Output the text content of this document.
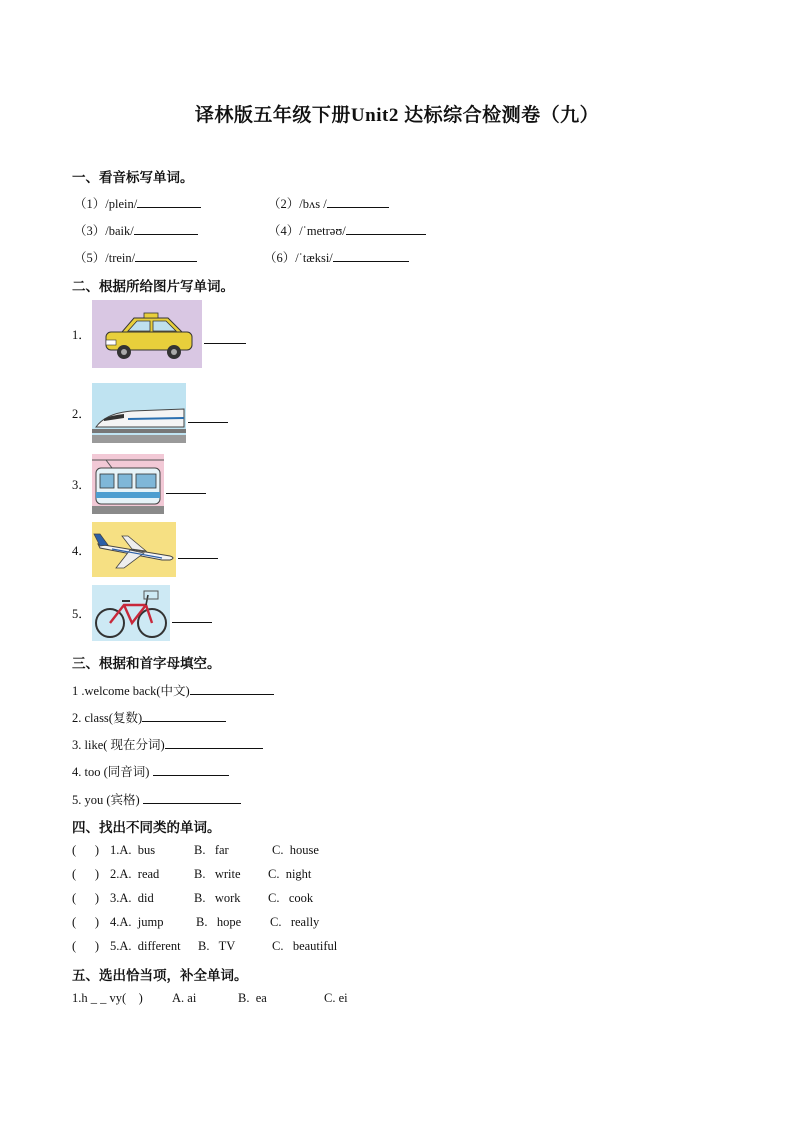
译林版五年级下册Unit2 达标综合检测卷（九）
一、看音标写单词。
（1）/plein/	（2）/bʌs /
（3）/baik/	（4）/ˈmetrəʊ/
（5）/trein/	（6）/ˈtæksi/
二、根据所给图片写单词。
1．
2．
3．
4．
5．
三、根据和首字母填空。
1 .welcome back(中文)
2. class(复数)
3. like( 现在分词)
4. too (同音词)
5. you (宾格)
四、找出不同类的单词。
(      ) 1.A.  bus	B.   far	C.  house
(      ) 2.A.  read	B.   write C.  night
(      ) 3.A.  did	B.   work C.   cook
(      ) 4.A.  jump	B.   hope C.   really
(      ) 5.A.  different B.   TV	C.   beautiful
五、选出恰当项，补全单词。
1.h _ _ vy(    ) A. ai	B.  ea	C. ei
